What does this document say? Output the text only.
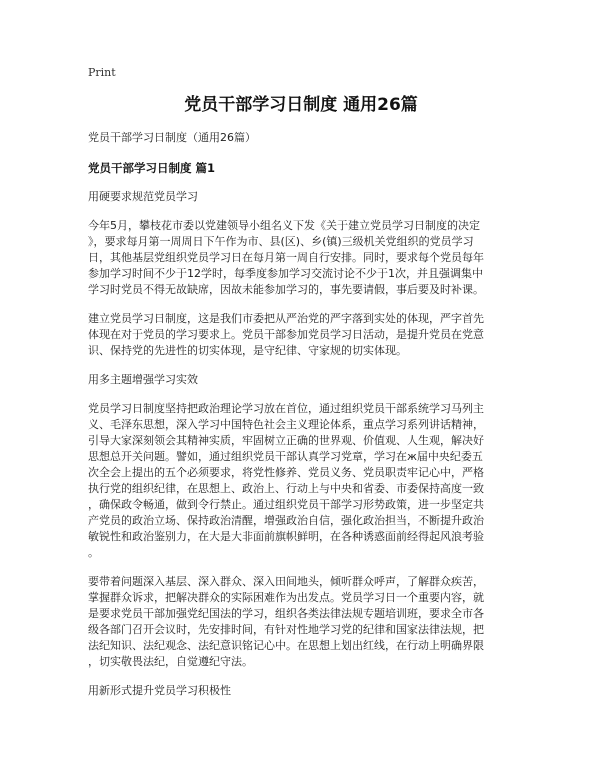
Print
党员干部学习日制度 通用26篇
党员干部学习日制度（通用26篇）
党员干部学习日制度 篇1
用硬要求规范党员学习
今年5月，攀枝花市委以党建领导小组名义下发《关于建立党员学习日制度的决定
》，要求每月第一周周日下午作为市、县(区)、乡(镇)三级机关党组织的党员学习
日，其他基层党组织党员学习日在每月第一周自行安排。同时，要求每个党员每年
参加学习时间不少于12学时，每季度参加学习交流讨论不少于1次，并且强调集中
学习时党员不得无故缺席，因故未能参加学习的，事先要请假，事后要及时补课。
建立党员学习日制度，这是我们市委把从严治党的严字落到实处的体现，严字首先
体现在对于党员的学习要求上。党员干部参加党员学习日活动，是提升党员在党意
识、保持党的先进性的切实体现，是守纪律、守家规的切实体现。
用多主题增强学习实效
党员学习日制度坚持把政治理论学习放在首位，通过组织党员干部系统学习马列主
义、毛泽东思想，深入学习中国特色社会主义理论体系，重点学习系列讲话精神，
引导大家深刻领会其精神实质，牢固树立正确的世界观、价值观、人生观，解决好
思想总开关问题。譬如，通过组织党员干部认真学习党章，学习在ж届中央纪委五
次全会上提出的五个必须要求，将党性修养、党员义务、党员职责牢记心中，严格
执行党的组织纪律，在思想上、政治上、行动上与中央和省委、市委保持高度一致
，确保政令畅通，做到令行禁止。通过组织党员干部学习形势政策，进一步坚定共
产党员的政治立场、保持政治清醒，增强政治自信，强化政治担当，不断提升政治
敏锐性和政治鉴别力，在大是大非面前旗帜鲜明，在各种诱惑面前经得起风浪考验
。
要带着问题深入基层、深入群众、深入田间地头，倾听群众呼声，了解群众疾苦，
掌握群众诉求，把解决群众的实际困难作为出发点。党员学习日一个重要内容，就
是要求党员干部加强党纪国法的学习，组织各类法律法规专题培训班，要求全市各
级各部门召开会议时，先安排时间，有针对性地学习党的纪律和国家法律法规，把
法纪知识、法纪观念、法纪意识铭记心中。在思想上划出红线，在行动上明确界限
，切实敬畏法纪，自觉遵纪守法。
用新形式提升党员学习积极性
